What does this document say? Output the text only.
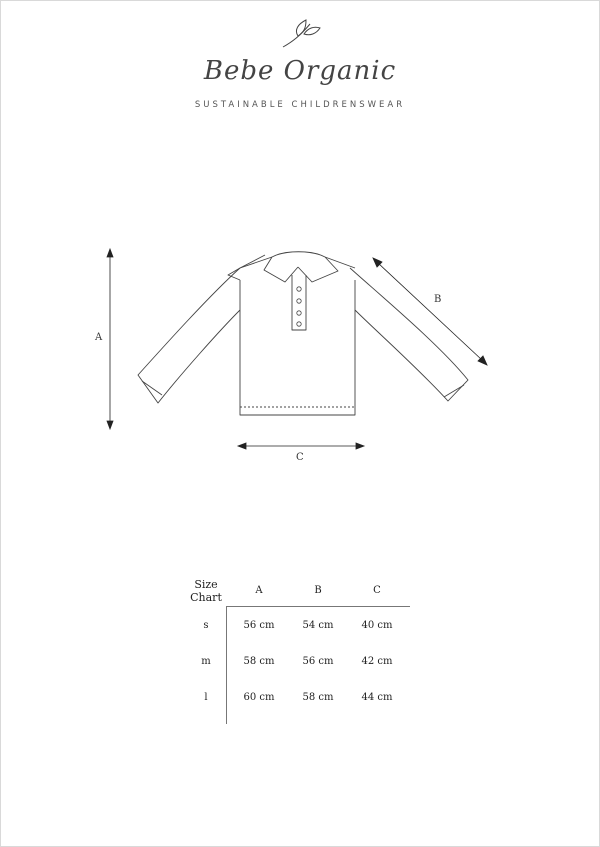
Bebe Organic
SUSTAINABLE CHILDRENSWEAR
A
B
C
Size
Chart
A	B	C
s	56 cm	54 cm	40 cm
m	58 cm	56 cm	42 cm
l	60 cm	58 cm	44 cm
